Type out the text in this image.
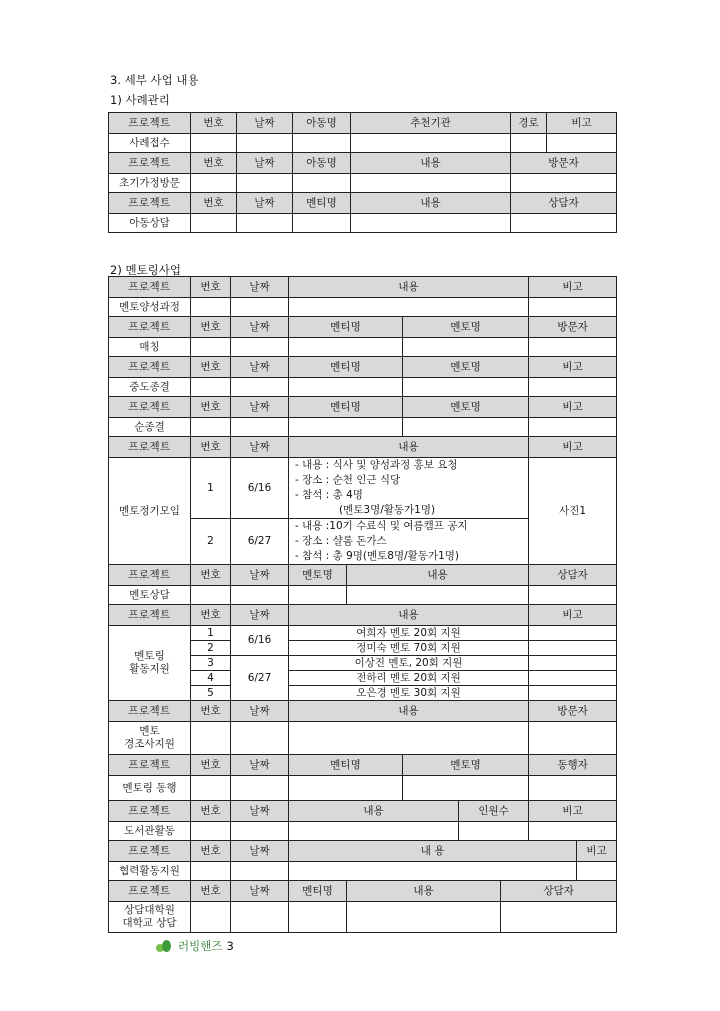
3. 세부 사업 내용
1) 사례관리
프로젝트	번호	날짜	아동명	추천기관	경로	비고
사례접수						
프로젝트	번호	날짜	아동명	내용	방문자	
초기가정방문						
프로젝트	번호	날짜	멘티명	내용	상담자	
아동상담						
2) 멘토링사업
프로젝트	번호	날짜	내용					비고	
멘토양성과정									
프로젝트	번호	날짜	멘티명		멘토명			방문자	
매칭									
프로젝트	번호	날짜	멘티명		멘토명			비고	
중도종결									
프로젝트	번호	날짜	멘티명		멘토명			비고	
순종결									
프로젝트	번호	날짜	내용					비고	
멘토정기모임	1	6/16	- 내용 : 식사 및 양성과정 홍보 요청
- 장소 : 순천 인근 식당
- 참석 : 총 4명
(멘토3명/활동가1명)					사진1	
	2	6/27	- 내용 :10기 수료식 및 여름캠프 공지
- 장소 : 샬롬 돈가스
- 참석 : 총 9명(멘토8명/활동가1명)						

프로젝트	번호	날짜	멘토명	내용				상담자	
멘토상담									
프로젝트	번호	날짜	내용					비고	

멘토링
활동지원	1	6/16	여희자 멘토 20회 지원						
	2		정미숙 멘토 70회 지원						
	3	6/27	이상진 멘토, 20회 지원						
	4		전하리 멘토 20회 지원						
	5		오은경 멘토 30회 지원						
프로젝트	번호	날짜	내용					방문자	

멘토
경조사지원									

프로젝트	번호	날짜	멘티명		멘토명			동행자	
멘토링 동행									
프로젝트	번호	날짜	내용			인원수		비고	
도서관활동									
프로젝트	번호	날짜	내 용						비고
협력활동지원									
프로젝트	번호	날짜	멘티명	내용			상담자		

상담대학원
대학교 상담									

러빙핸즈 3
